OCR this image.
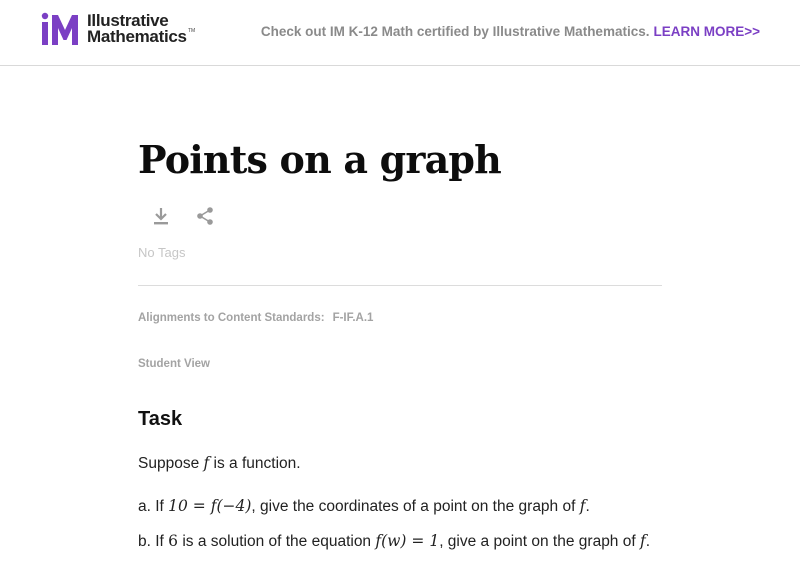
Illustrative
Mathematics TM	Check out IM K-12 Math certified by Illustrative Mathematics. LEARN MORE>>
Points on a graph
No Tags
Alignments to Content Standards: F-IF.A.1
Student View
Task

Suppose f is a function.

a. If 10 = f(−4), give the coordinates of a point on the graph of f.

b. If 6 is a solution of the equation f(w) = 1, give a point on the graph of f.
